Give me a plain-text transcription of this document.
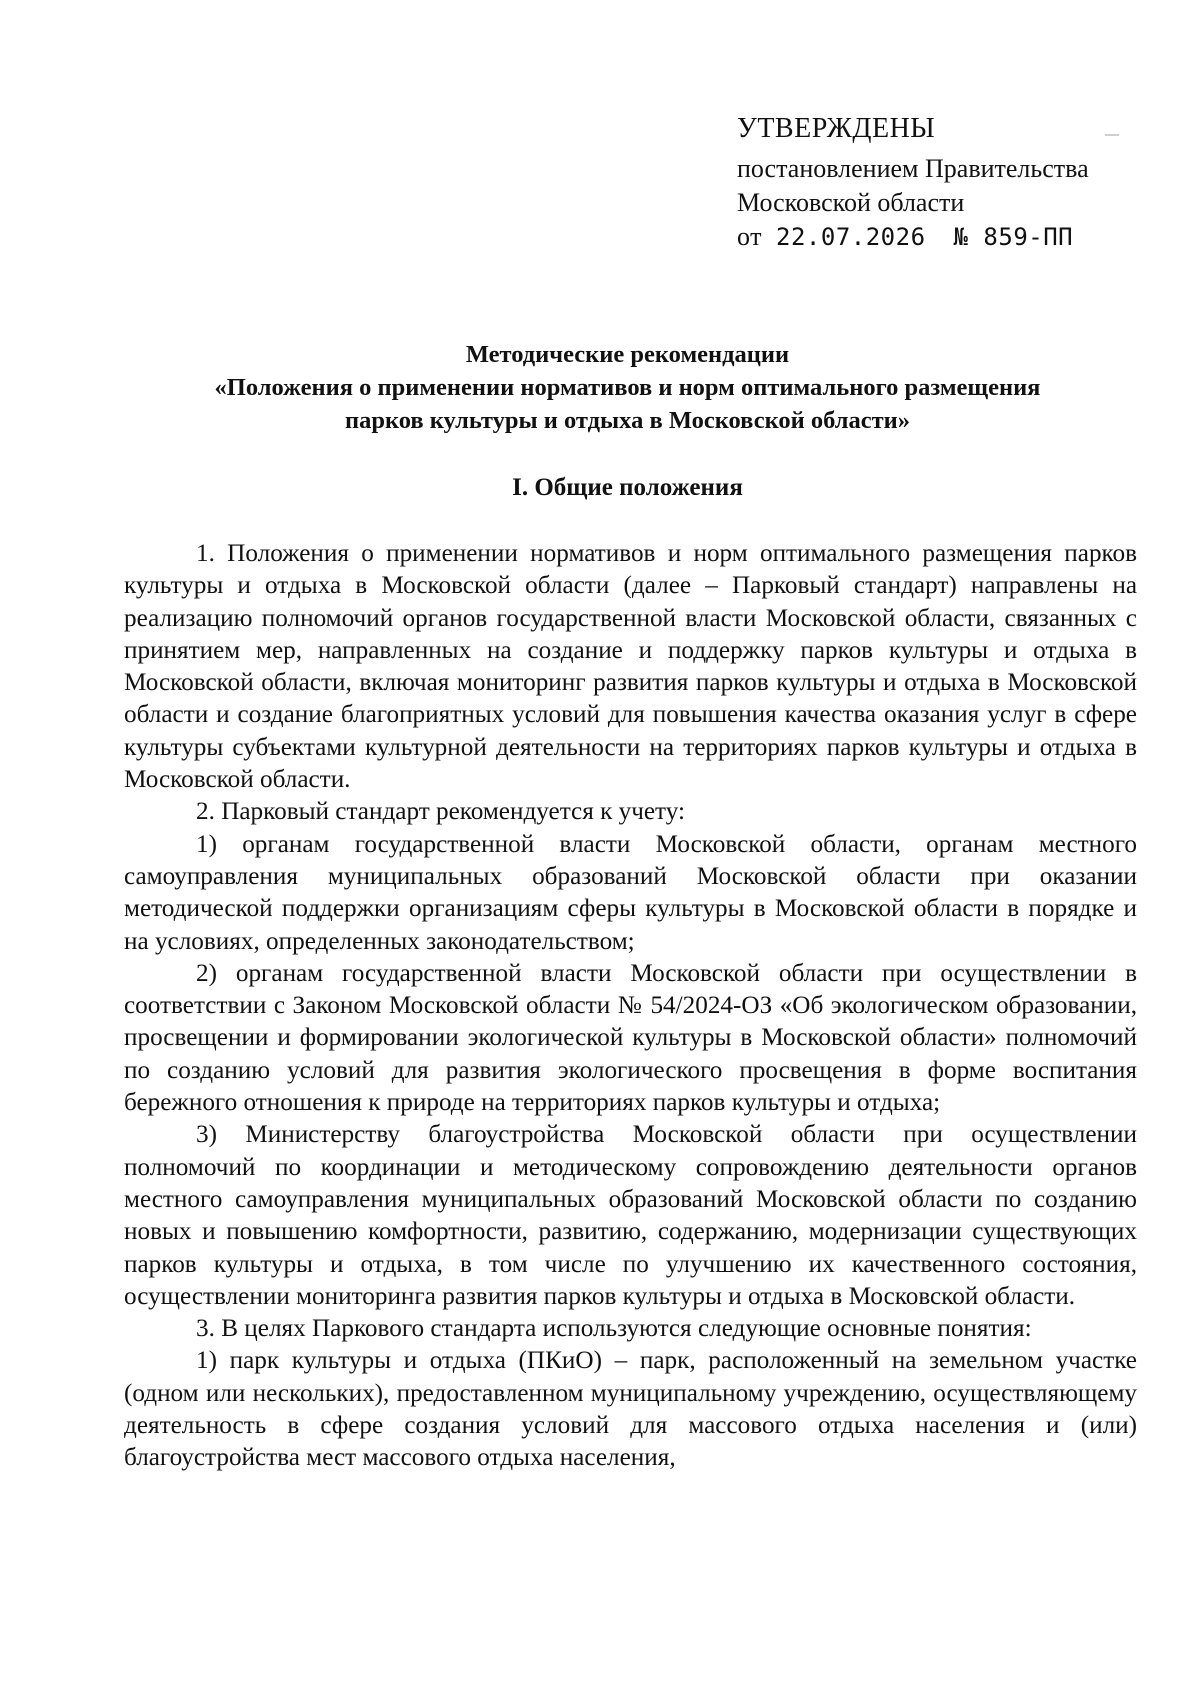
УТВЕРЖДЕНЫ
постановлением Правительства
Московской области
от 22.07.2026 № 859-ПП
Методические рекомендации
«Положения о применении нормативов и норм оптимального размещения
парков культуры и отдыха в Московской области»
I. Общие положения

1. Положения о применении нормативов и норм оптимального размещения парков культуры и отдыха в Московской области (далее – Парковый стандарт) направлены на реализацию полномочий органов государственной власти Московской области, связанных с принятием мер, направленных на создание и поддержку парков культуры и отдыха в Московской области, включая мониторинг развития парков культуры и отдыха в Московской области и создание благоприятных условий для повышения качества оказания услуг в сфере культуры субъектами культурной деятельности на территориях парков культуры и отдыха в Московской области.

2. Парковый стандарт рекомендуется к учету:

1) органам государственной власти Московской области, органам местного самоуправления муниципальных образований Московской области при оказании методической поддержки организациям сферы культуры в Московской области в порядке и на условиях, определенных законодательством;

2) органам государственной власти Московской области при осуществлении в соответствии с Законом Московской области № 54/2024-ОЗ «Об экологическом образовании, просвещении и формировании экологической культуры в Московской области» полномочий по созданию условий для развития экологического просвещения в форме воспитания бережного отношения к природе на территориях парков культуры и отдыха;

3) Министерству благоустройства Московской области при осуществлении полномочий по координации и методическому сопровождению деятельности органов местного самоуправления муниципальных образований Московской области по созданию новых и повышению комфортности, развитию, содержанию, модернизации существующих парков культуры и отдыха, в том числе по улучшению их качественного состояния, осуществлении мониторинга развития парков культуры и отдыха в Московской области.

3. В целях Паркового стандарта используются следующие основные понятия:

1) парк культуры и отдыха (ПКиО) – парк, расположенный на земельном участке (одном или нескольких), предоставленном муниципальному учреждению, осуществляющему деятельность в сфере создания условий для массового отдыха населения и (или) благоустройства мест массового отдыха населения,
